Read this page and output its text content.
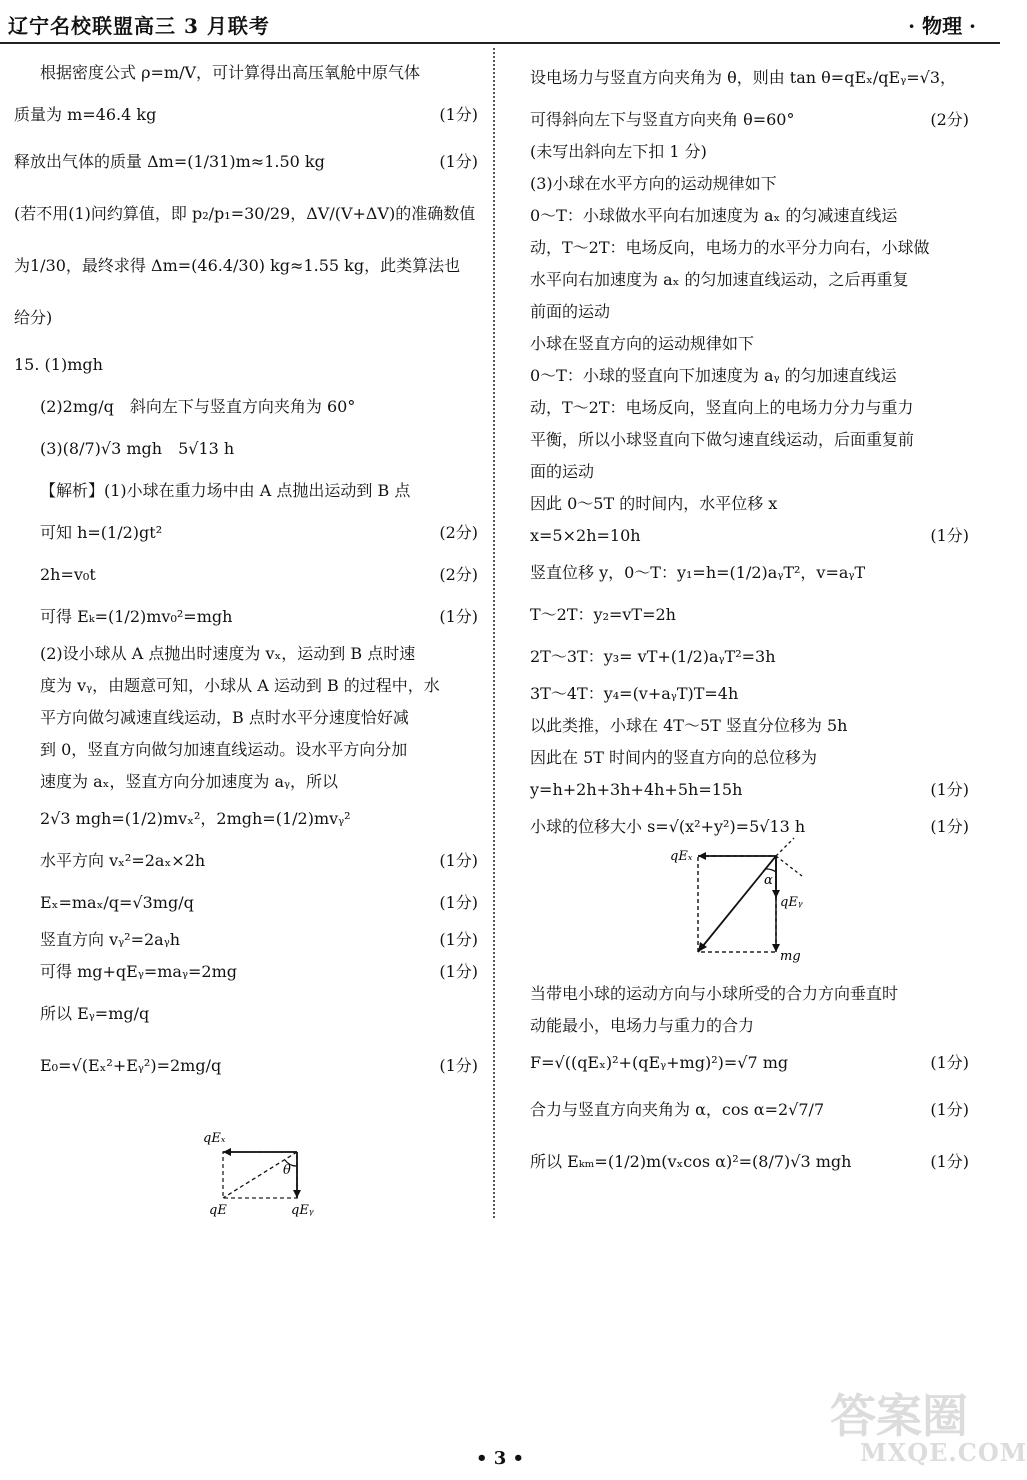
辽宁名校联盟高三 3 月联考	· 物理 ·
根据密度公式 ρ=m/V，可计算得出高压氧舱中原气体
质量为 m=46.4 kg	(1分)
释放出气体的质量 Δm=(1/31)m≈1.50 kg	(1分)
(若不用(1)问约算值，即 p₂/p₁=30/29，ΔV/(V+ΔV)的准确数值
为1/30，最终求得 Δm=(46.4/30) kg≈1.55 kg，此类算法也
给分)
15. (1)mgh
(2)2mg/q　斜向左下与竖直方向夹角为 60°
(3)(8/7)√3 mgh　5√13 h
【解析】(1)小球在重力场中由 A 点抛出运动到 B 点
可知 h=(1/2)gt²	(2分)
2h=v₀t	(2分)
可得 Eₖ=(1/2)mv₀²=mgh	(1分)
(2)设小球从 A 点抛出时速度为 vₓ，运动到 B 点时速
度为 vᵧ，由题意可知，小球从 A 运动到 B 的过程中，水
平方向做匀减速直线运动，B 点时水平分速度恰好减
到 0，竖直方向做匀加速直线运动。设水平方向分加
速度为 aₓ，竖直方向分加速度为 aᵧ，所以
2√3 mgh=(1/2)mvₓ²，2mgh=(1/2)mvᵧ²
水平方向 vₓ²=2aₓ×2h	(1分)
Eₓ=maₓ/q=√3mg/q	(1分)
竖直方向 vᵧ²=2aᵧh	(1分)
可得 mg+qEᵧ=maᵧ=2mg	(1分)
所以 Eᵧ=mg/q
E₀=√(Eₓ²+Eᵧ²)=2mg/q	(1分)
设电场力与竖直方向夹角为 θ，则由 tan θ=qEₓ/qEᵧ=√3，
可得斜向左下与竖直方向夹角 θ=60°	(2分)
(未写出斜向左下扣 1 分)
(3)小球在水平方向的运动规律如下
0～T：小球做水平向右加速度为 aₓ 的匀减速直线运
动，T～2T：电场反向，电场力的水平分力向右，小球做
水平向右加速度为 aₓ 的匀加速直线运动，之后再重复
前面的运动
小球在竖直方向的运动规律如下
0～T：小球的竖直向下加速度为 aᵧ 的匀加速直线运
动，T～2T：电场反向，竖直向上的电场力分力与重力
平衡，所以小球竖直向下做匀速直线运动，后面重复前
面的运动
因此 0～5T 的时间内，水平位移 x
x=5×2h=10h	(1分)
竖直位移 y，0～T：y₁=h=(1/2)aᵧT²，v=aᵧT
T～2T：y₂=vT=2h
2T～3T：y₃= vT+(1/2)aᵧT²=3h
3T～4T：y₄=(v+aᵧT)T=4h
以此类推，小球在 4T～5T 竖直分位移为 5h
因此在 5T 时间内的竖直方向的总位移为
y=h+2h+3h+4h+5h=15h	(1分)
小球的位移大小 s=√(x²+y²)=5√13 h	(1分)
qEₓ
α
qEᵧ
mg
当带电小球的运动方向与小球所受的合力方向垂直时
动能最小，电场力与重力的合力
F=√((qEₓ)²+(qEᵧ+mg)²)=√7 mg	(1分)
合力与竖直方向夹角为 α，cos α=2√7/7	(1分)
所以 Eₖₘ=(1/2)m(vₓcos α)²=(8/7)√3 mgh	(1分)
qEₓ
θ
qE	qEᵧ
• 3 •
答案圈
MXQE.COM
